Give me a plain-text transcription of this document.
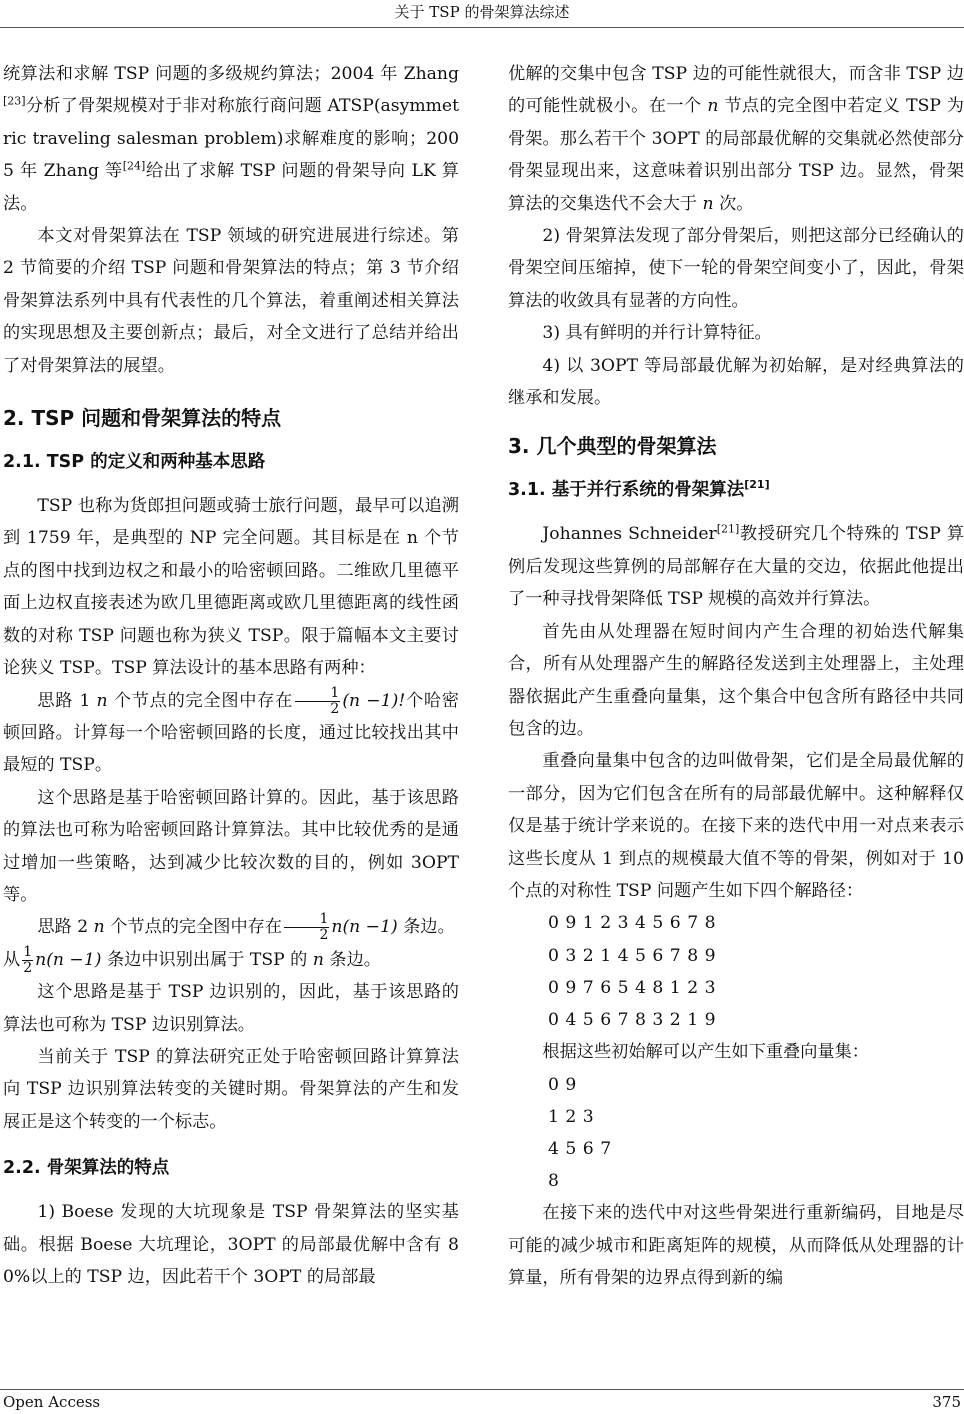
关于 TSP 的骨架算法综述

统算法和求解 TSP 问题的多级规约算法；2004 年 Zhang[23]分析了骨架规模对于非对称旅行商问题 ATSP(asymmetric traveling salesman problem)求解难度的影响；2005 年 Zhang 等[24]给出了求解 TSP 问题的骨架导向 LK 算法。

本文对骨架算法在 TSP 领域的研究进展进行综述。第 2 节简要的介绍 TSP 问题和骨架算法的特点；第 3 节介绍骨架算法系列中具有代表性的几个算法，着重阐述相关算法的实现思想及主要创新点；最后，对全文进行了总结并给出了对骨架算法的展望。

2. TSP 问题和骨架算法的特点

2.1. TSP 的定义和两种基本思路

TSP 也称为货郎担问题或骑士旅行问题，最早可以追溯到 1759 年，是典型的 NP 完全问题。其目标是在 n 个节点的图中找到边权之和最小的哈密顿回路。二维欧几里德平面上边权直接表述为欧几里德距离或欧几里德距离的线性函数的对称 TSP 问题也称为狭义 TSP。限于篇幅本文主要讨论狭义 TSP。TSP 算法设计的基本思路有两种：

思路 1 n 个节点的完全图中存在 $\frac{1}{2} (n -1)$!个哈密顿回路。计算每一个哈密顿回路的长度，通过比较找出其中最短的 TSP。

这个思路是基于哈密顿回路计算的。因此，基于该思路的算法也可称为哈密顿回路计算算法。其中比较优秀的是通过增加一些策略，达到减少比较次数的目的，例如 3OPT 等。

思路 2 n 个节点的完全图中存在 $\frac{1}{2} n(n -1)$ 条边。

从 $\frac{1}{2} n(n -1)$ 条边中识别出属于 TSP 的 n 条边。

这个思路是基于 TSP 边识别的，因此，基于该思路的算法也可称为 TSP 边识别算法。

当前关于 TSP 的算法研究正处于哈密顿回路计算算法向 TSP 边识别算法转变的关键时期。骨架算法的产生和发展正是这个转变的一个标志。

2.2. 骨架算法的特点

1) Boese 发现的大坑现象是 TSP 骨架算法的坚实基础。根据 Boese 大坑理论，3OPT 的局部最优解中含有 80%以上的 TSP 边，因此若干个 3OPT 的局部最

优解的交集中包含 TSP 边的可能性就很大，而含非 TSP 边的可能性就极小。在一个 n 节点的完全图中若定义 TSP 为骨架。那么若干个 3OPT 的局部最优解的交集就必然使部分骨架显现出来，这意味着识别出部分 TSP 边。显然，骨架算法的交集迭代不会大于 n 次。

2) 骨架算法发现了部分骨架后，则把这部分已经确认的骨架空间压缩掉，使下一轮的骨架空间变小了，因此，骨架算法的收敛具有显著的方向性。

3) 具有鲜明的并行计算特征。

4) 以 3OPT 等局部最优解为初始解，是对经典算法的继承和发展。

3. 几个典型的骨架算法

3.1. 基于并行系统的骨架算法[21]

Johannes Schneider[21]教授研究几个特殊的 TSP 算例后发现这些算例的局部解存在大量的交边，依据此他提出了一种寻找骨架降低 TSP 规模的高效并行算法。

首先由从处理器在短时间内产生合理的初始迭代解集合，所有从处理器产生的解路径发送到主处理器上，主处理器依据此产生重叠向量集，这个集合中包含所有路径中共同包含的边。

重叠向量集中包含的边叫做骨架，它们是全局最优解的一部分，因为它们包含在所有的局部最优解中。这种解释仅仅是基于统计学来说的。在接下来的迭代中用一对点来表示这些长度从 1 到点的规模最大值不等的骨架，例如对于 10 个点的对称性 TSP 问题产生如下四个解路径：

0 9 1 2 3 4 5 6 7 8

0 3 2 1 4 5 6 7 8 9

0 9 7 6 5 4 8 1 2 3

0 4 5 6 7 8 3 2 1 9

根据这些初始解可以产生如下重叠向量集：

0 9

1 2 3

4 5 6 7

8

在接下来的迭代中对这些骨架进行重新编码，目地是尽可能的减少城市和距离矩阵的规模，从而降低从处理器的计算量，所有骨架的边界点得到新的编

Open Access	375
